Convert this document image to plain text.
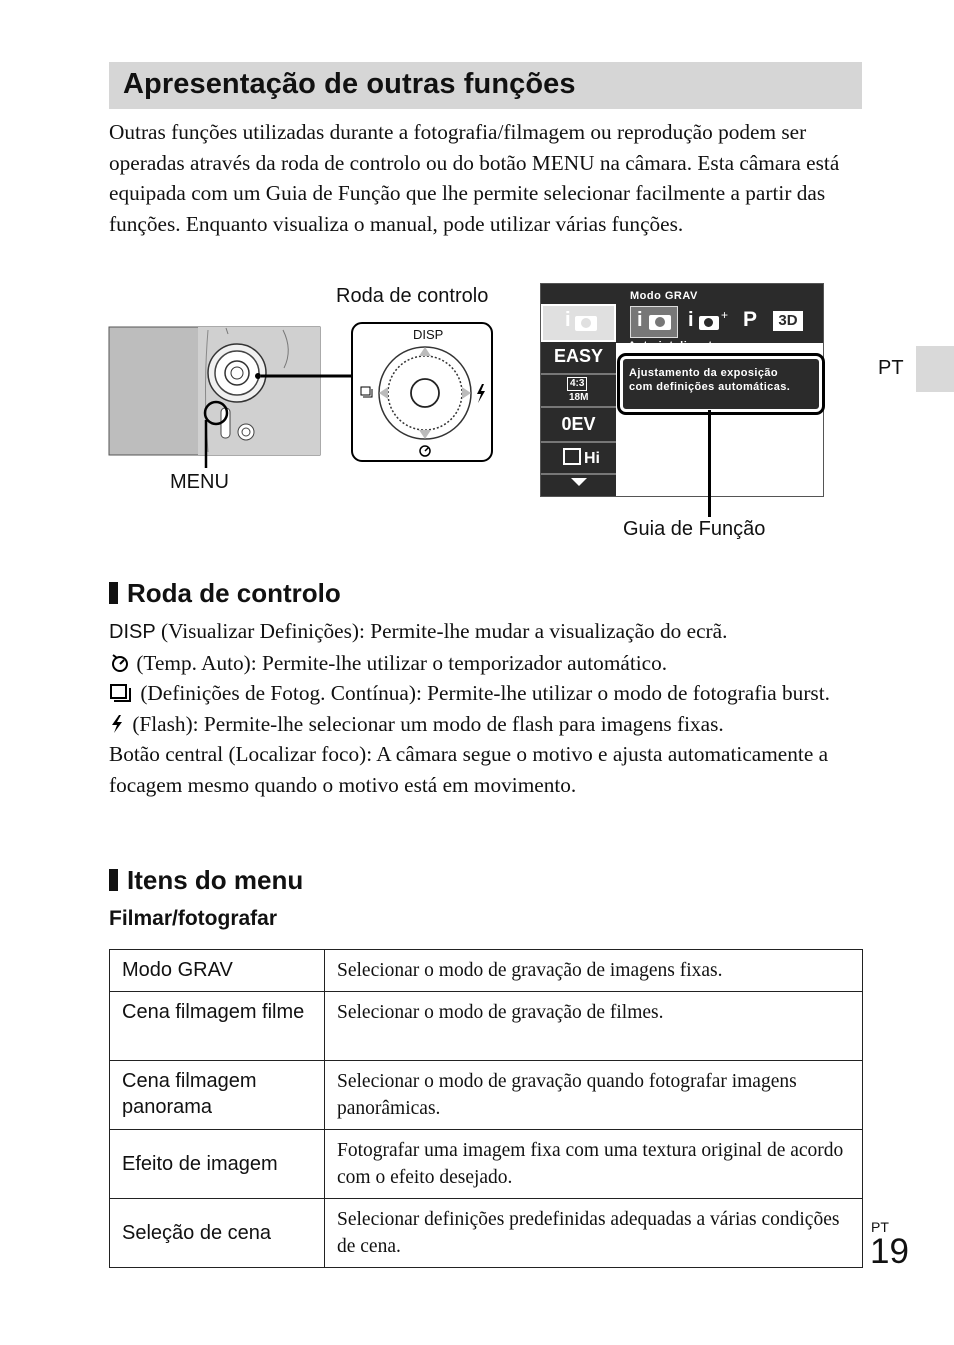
Apresentação de outras funções
Outras funções utilizadas durante a fotografia/filmagem ou reprodução podem ser operadas através da roda de controlo ou do botão MENU na câmara. Esta câmara está equipada com um Guia de Função que lhe permite selecionar facilmente a partir das funções. Enquanto visualiza o manual, pode utilizar várias funções.
PT
Roda de controlo
MENU
Guia de Função
DISP
Modo GRAV
i i + P	3D
Auto inteligente
Ajustamento da exposição
com definições automáticas.
i
EASY
4:3
18M
0EV
Hi
Roda de controlo

DISP (Visualizar Definições): Permite-lhe mudar a visualização do ecrã.

(Temp. Auto): Permite-lhe utilizar o temporizador automático.

(Definições de Fotog. Contínua): Permite-lhe utilizar o modo de fotografia burst.

(Flash): Permite-lhe selecionar um modo de flash para imagens fixas.

Botão central (Localizar foco): A câmara segue o motivo e ajusta automaticamente a focagem mesmo quando o motivo está em movimento.

Itens do menu
Filmar/fotografar
Modo GRAV	Selecionar o modo de gravação de imagens fixas.
Cena filmagem filme	Selecionar o modo de gravação de filmes.
Cena filmagem panorama	Selecionar o modo de gravação quando fotografar imagens panorâmicas.
Efeito de imagem	Fotografar uma imagem fixa com uma textura original de acordo com o efeito desejado.
Seleção de cena	Selecionar definições predefinidas adequadas a várias condições de cena.
PT
19
